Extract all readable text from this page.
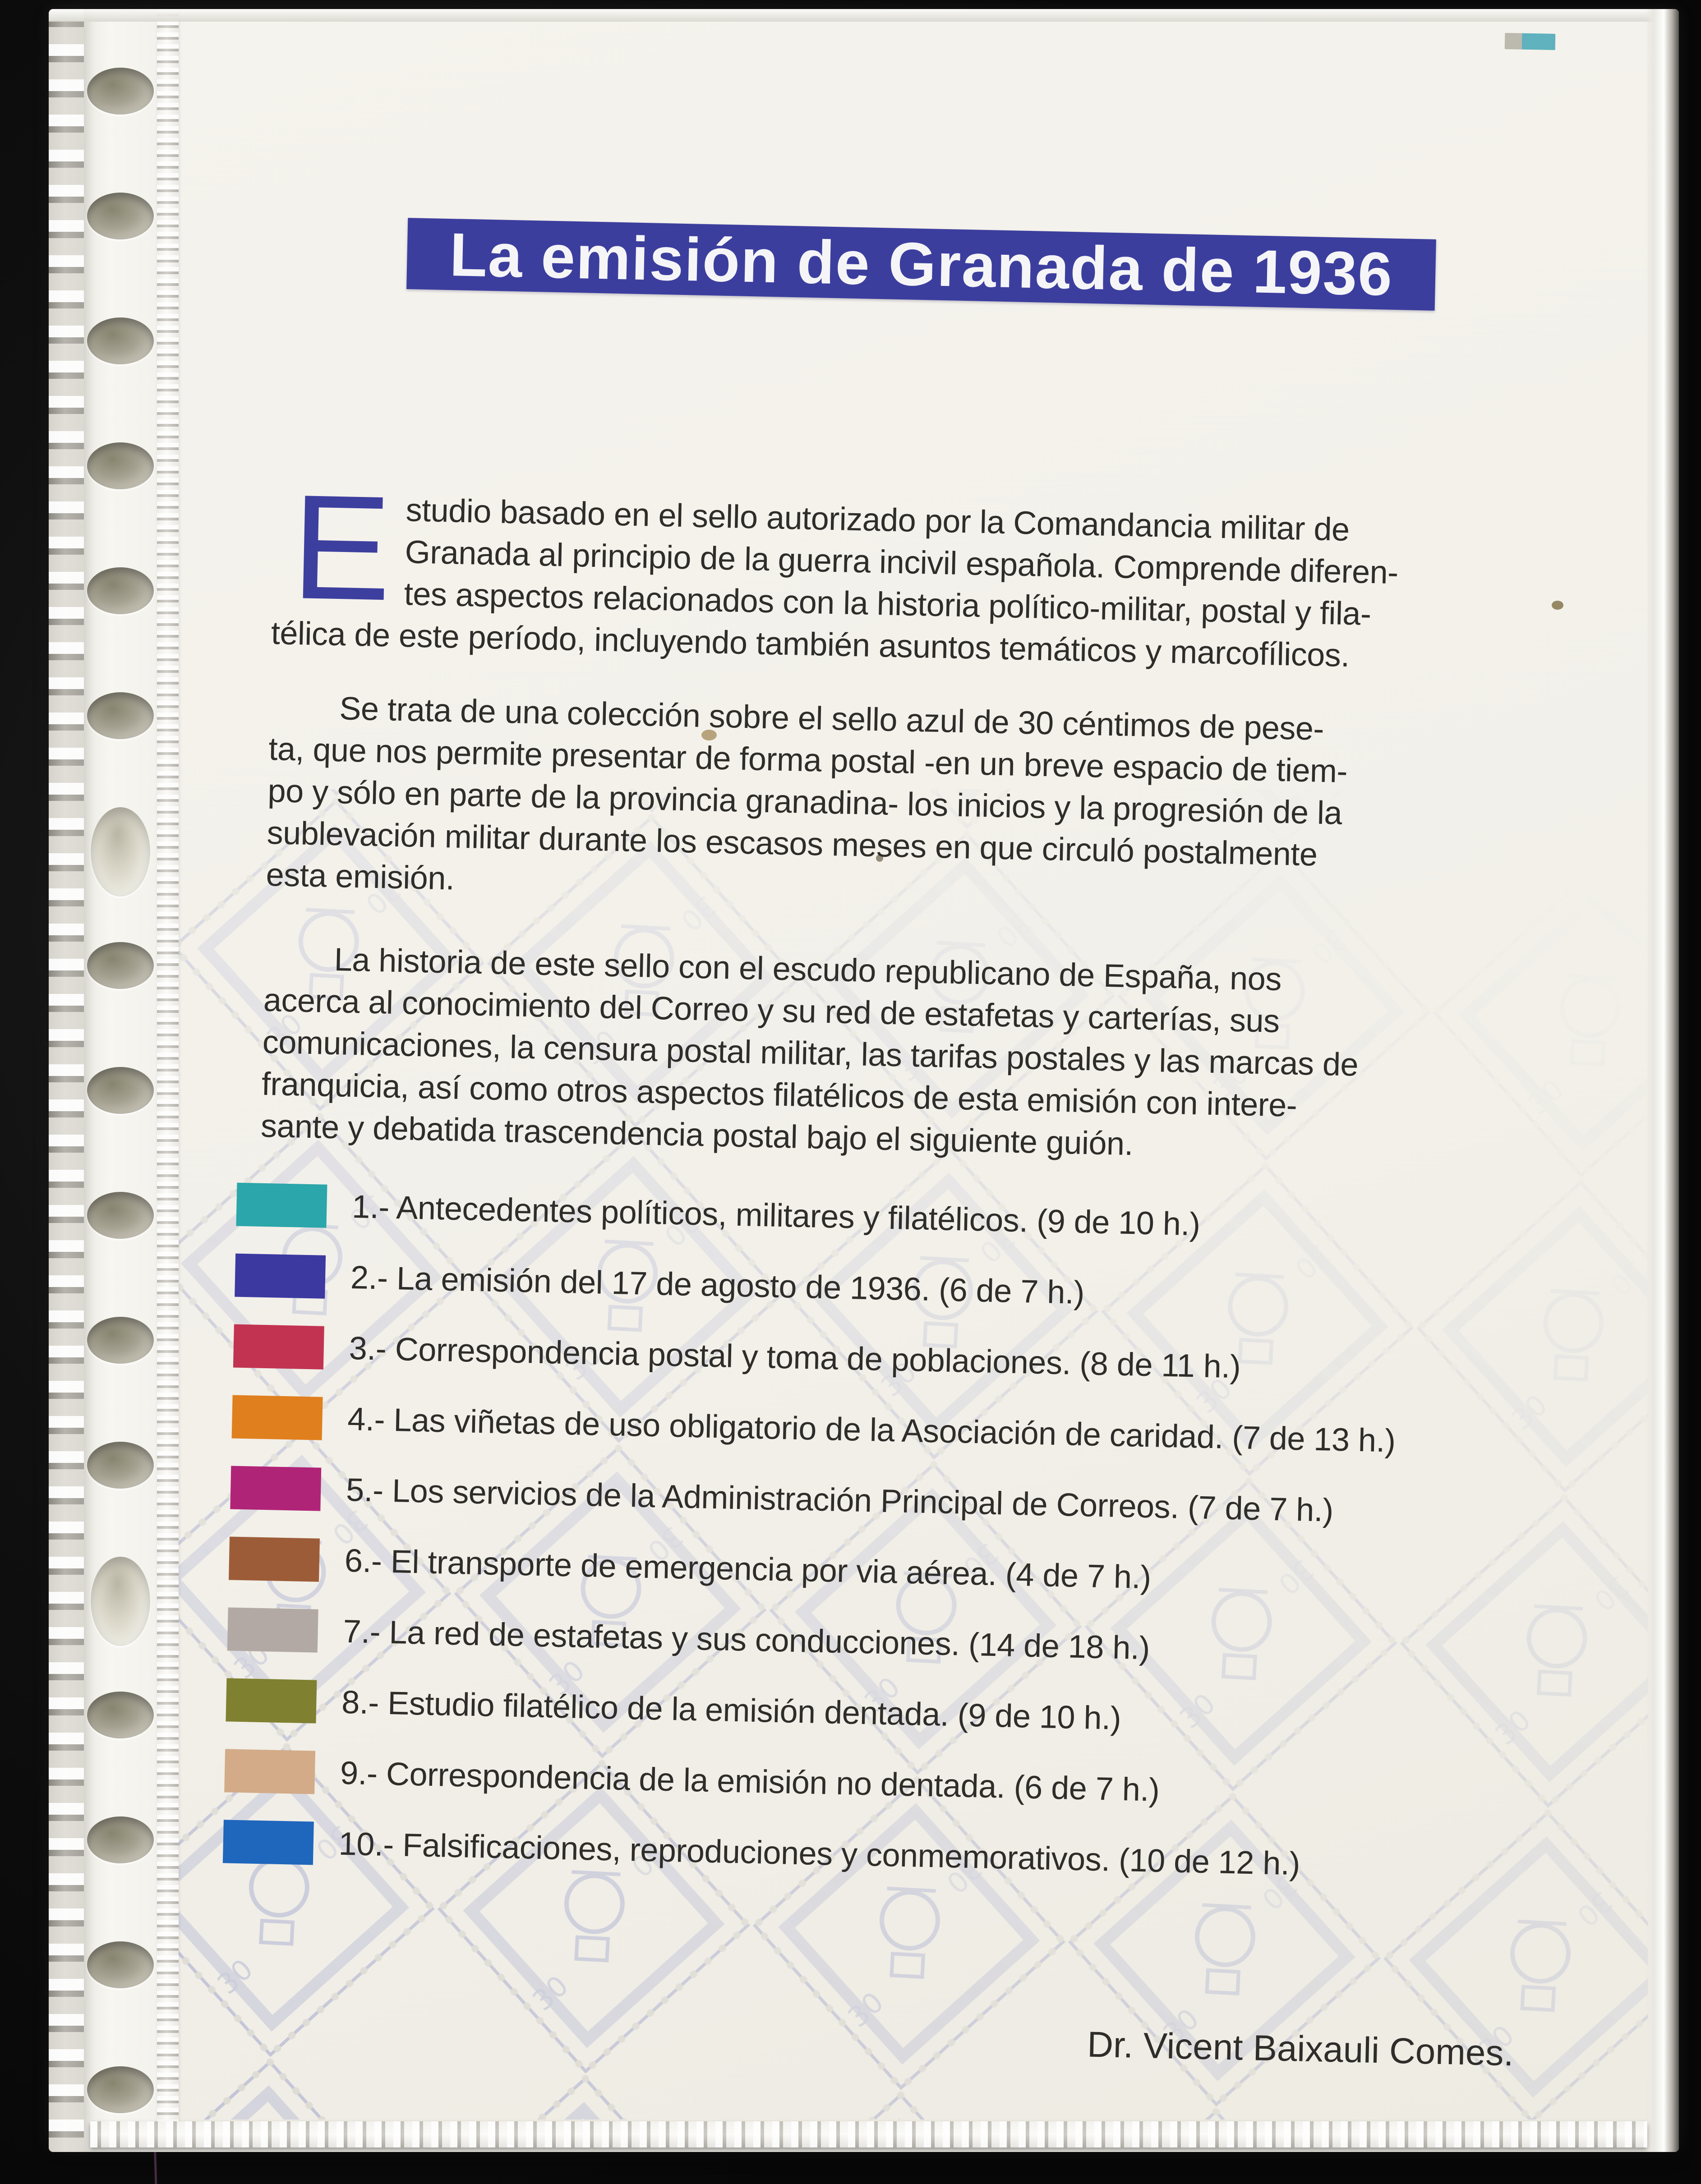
La emisión de Granada de 1936
Estudio basado en el sello autorizado por la Comandancia militar de
Granada al principio de la guerra incivil española. Comprende diferen-
tes aspectos relacionados con la historia político-militar, postal y fila-
télica de este período, incluyendo también asuntos temáticos y marcofílicos.
Se trata de una colección sobre el sello azul de 30 céntimos de pese-
ta, que nos permite presentar de forma postal -en un breve espacio de tiem-
po y sólo en parte de la provincia granadina- los inicios y la progresión de la
sublevación militar durante los escasos meses en que circuló postalmente
esta emisión.
La historia de este sello con el escudo republicano de España, nos
acerca al conocimiento del Correo y su red de estafetas y carterías, sus
comunicaciones, la censura postal militar, las tarifas postales y las marcas de
franquicia, así como otros aspectos filatélicos de esta emisión con intere-
sante y debatida trascendencia postal bajo el siguiente guión.
1.- Antecedentes políticos, militares y filatélicos. (9 de 10 h.)
2.- La emisión del 17 de agosto de 1936. (6 de 7 h.)
3.- Correspondencia postal y toma de poblaciones. (8 de 11 h.)
4.- Las viñetas de uso obligatorio de la Asociación de caridad. (7 de 13 h.)
5.- Los servicios de la Administración Principal de Correos. (7 de 7 h.)
6.- El transporte de emergencia por via aérea. (4 de 7 h.)
7.- La red de estafetas y sus conducciones. (14 de 18 h.)
8.- Estudio filatélico de la emisión dentada. (9 de 10 h.)
9.- Correspondencia de la emisión no dentada. (6 de 7 h.)
10.- Falsificaciones, reproduciones y conmemorativos. (10 de 12 h.)
Dr. Vicent Baixauli Comes.
